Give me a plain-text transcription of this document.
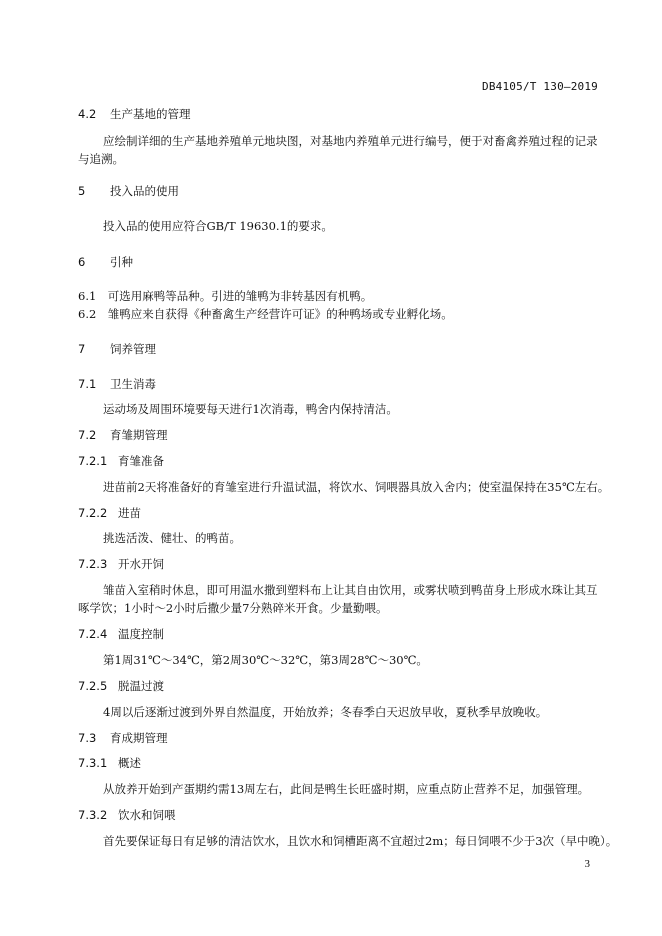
DB4105/T 130—2019
4.2 生产基地的管理
应绘制详细的生产基地养殖单元地块图，对基地内养殖单元进行编号，便于对畜禽养殖过程的记录
与追溯。
5 投入品的使用
投入品的使用应符合GB/T 19630.1的要求。
6 引种
6.1　可选用麻鸭等品种。引进的雏鸭为非转基因有机鸭。
6.2　雏鸭应来自获得《种畜禽生产经营许可证》的种鸭场或专业孵化场。
7 饲养管理
7.1 卫生消毒
运动场及周围环境要每天进行1次消毒，鸭舍内保持清洁。
7.2 育雏期管理
7.2.1 育雏准备
进苗前2天将准备好的育雏室进行升温试温，将饮水、饲喂器具放入舍内；使室温保持在35℃左右。
7.2.2 进苗
挑选活泼、健壮、的鸭苗。
7.2.3 开水开饲
雏苗入室稍时休息，即可用温水撒到塑料布上让其自由饮用，或雾状喷到鸭苗身上形成水珠让其互
啄学饮；1小时～2小时后撒少量7分熟碎米开食。少量勤喂。
7.2.4 温度控制
第1周31℃～34℃，第2周30℃～32℃，第3周28℃～30℃。
7.2.5 脱温过渡
4周以后逐渐过渡到外界自然温度，开始放养；冬春季白天迟放早收，夏秋季早放晚收。
7.3 育成期管理
7.3.1 概述
从放养开始到产蛋期约需13周左右，此间是鸭生长旺盛时期，应重点防止营养不足，加强管理。
7.3.2 饮水和饲喂
首先要保证每日有足够的清洁饮水，且饮水和饲槽距离不宜超过2m；每日饲喂不少于3次（早中晚）。
3
